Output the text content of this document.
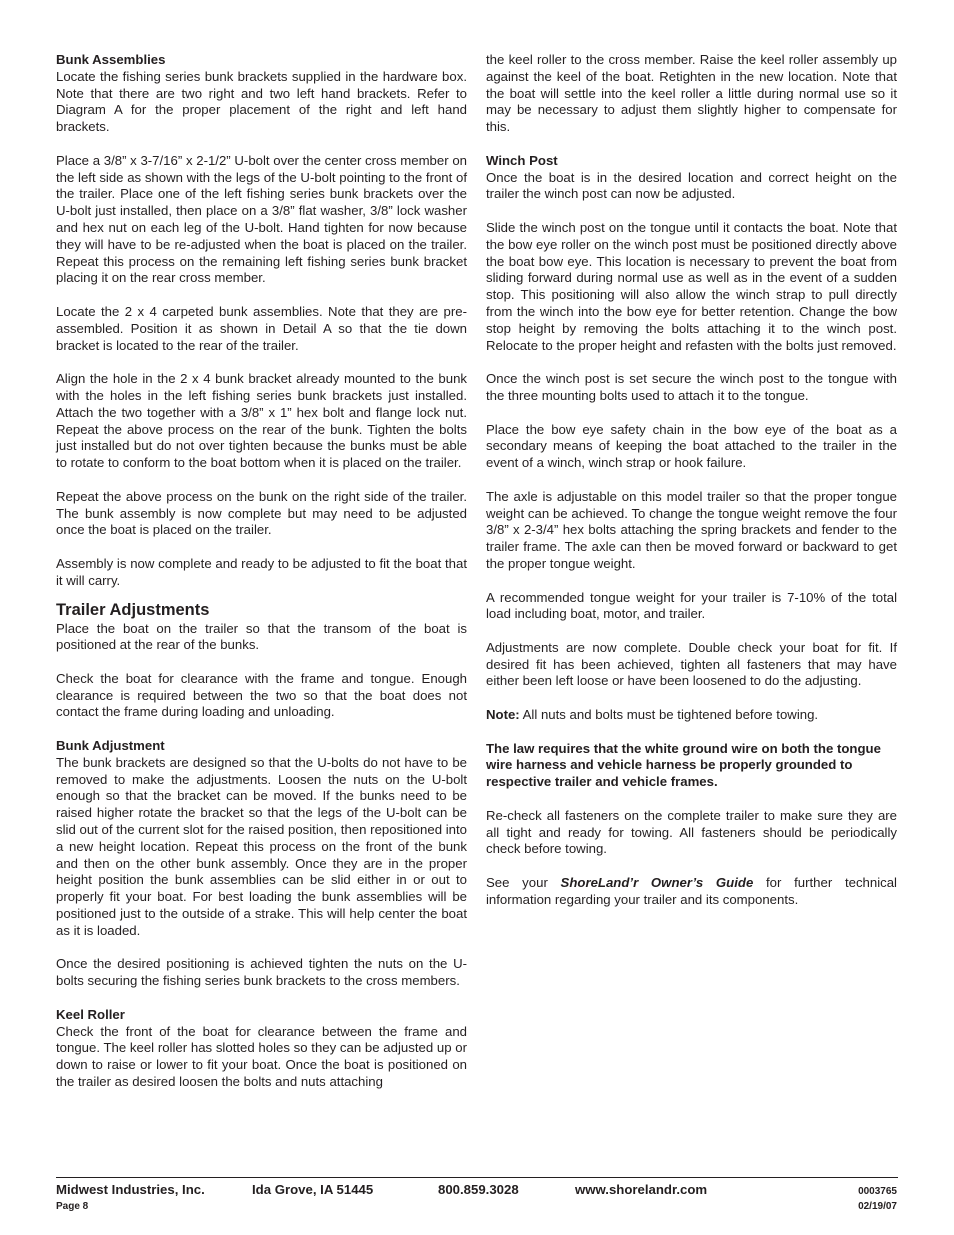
Bunk Assemblies

Locate the fishing series bunk brackets supplied in the hardware box. Note that there are two right and two left hand brackets. Refer to Diagram A for the proper placement of the right and left hand brackets.

Place a 3/8” x 3-7/16” x 2-1/2” U-bolt over the center cross member on the left side as shown with the legs of the U-bolt pointing to the front of the trailer. Place one of the left fishing series bunk brackets over the U-bolt just installed, then place on a 3/8” flat washer, 3/8” lock washer and hex nut on each leg of the U-bolt. Hand tighten for now because they will have to be re-adjusted when the boat is placed on the trailer. Repeat this process on the remaining left fishing series bunk bracket placing it on the rear cross member.

Locate the 2 x 4 carpeted bunk assemblies. Note that they are pre-assembled. Position it as shown in Detail A so that the tie down bracket is located to the rear of the trailer.

Align the hole in the 2 x 4 bunk bracket already mounted to the bunk with the holes in the left fishing series bunk brackets just installed. Attach the two together with a 3/8” x 1” hex bolt and flange lock nut. Repeat the above process on the rear of the bunk. Tighten the bolts just installed but do not over tighten because the bunks must be able to rotate to conform to the boat bottom when it is placed on the trailer.

Repeat the above process on the bunk on the right side of the trailer. The bunk assembly is now complete but may need to be adjusted once the boat is placed on the trailer.

Assembly is now complete and ready to be adjusted to fit the boat that it will carry.

Trailer Adjustments

Place the boat on the trailer so that the transom of the boat is positioned at the rear of the bunks.

Check the boat for clearance with the frame and tongue. Enough clearance is required between the two so that the boat does not contact the frame during loading and unloading.

Bunk Adjustment

The bunk brackets are designed so that the U-bolts do not have to be removed to make the adjustments. Loosen the nuts on the U-bolt enough so that the bracket can be moved. If the bunks need to be raised higher rotate the bracket so that the legs of the U-bolt can be slid out of the current slot for the raised position, then repositioned into a new height location. Repeat this process on the front of the bunk and then on the other bunk assembly. Once they are in the proper height position the bunk assemblies can be slid either in or out to properly fit your boat. For best loading the bunk assemblies will be positioned just to the outside of a strake. This will help center the boat as it is loaded.

Once the desired positioning is achieved tighten the nuts on the U-bolts securing the fishing series bunk brackets to the cross members.

Keel Roller

Check the front of the boat for clearance between the frame and tongue. The keel roller has slotted holes so they can be adjusted up or down to raise or lower to fit your boat. Once the boat is positioned on the trailer as desired loosen the bolts and nuts attaching

the keel roller to the cross member. Raise the keel roller assembly up against the keel of the boat. Retighten in the new location. Note that the boat will settle into the keel roller a little during normal use so it may be necessary to adjust them slightly higher to compensate for this.

Winch Post

Once the boat is in the desired location and correct height on the trailer the winch post can now be adjusted.

Slide the winch post on the tongue until it contacts the boat. Note that the bow eye roller on the winch post must be positioned directly above the boat bow eye. This location is necessary to prevent the boat from sliding forward during normal use as well as in the event of a sudden stop. This positioning will also allow the winch strap to pull directly from the winch into the bow eye for better retention. Change the bow stop height by removing the bolts attaching it to the winch post. Relocate to the proper height and refasten with the bolts just removed.

Once the winch post is set secure the winch post to the tongue with the three mounting bolts used to attach it to the tongue.

Place the bow eye safety chain in the bow eye of the boat as a secondary means of keeping the boat attached to the trailer in the event of a winch, winch strap or hook failure.

The axle is adjustable on this model trailer so that the proper tongue weight can be achieved. To change the tongue weight remove the four 3/8” x 2-3/4” hex bolts attaching the spring brackets and fender to the trailer frame. The axle can then be moved forward or backward to get the proper tongue weight.

A recommended tongue weight for your trailer is 7-10% of the total load including boat, motor, and trailer.

Adjustments are now complete. Double check your boat for fit. If desired fit has been achieved, tighten all fasteners that may have either been left loose or have been loosened to do the adjusting.

Note: All nuts and bolts must be tightened before towing.

The law requires that the white ground wire on both the tongue wire harness and vehicle harness be properly grounded to respective trailer and vehicle frames.

Re-check all fasteners on the complete trailer to make sure they are all tight and ready for towing. All fasteners should be periodically check before towing.

See your ShoreLand’r Owner’s Guide for further technical information regarding your trailer and its components.

Midwest Industries, Inc.	Ida Grove, IA 51445	800.859.3028	www.shorelandr.com
Page 8
0003765
02/19/07
